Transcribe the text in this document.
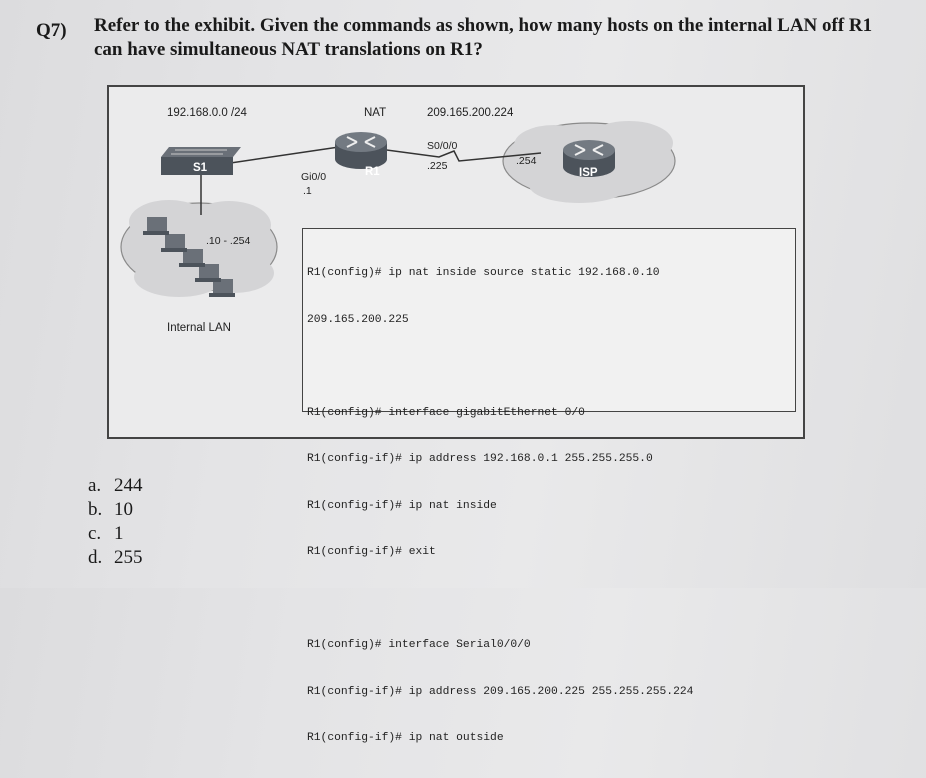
Q7) Refer to the exhibit. Given the commands as shown, how many hosts on the internal LAN off R1 can have simultaneous NAT translations on R1?
192.168.0.0 /24	NAT	209.165.200.224
S1	R1	ISP
Gi0/0
.1
S0/0/0
.225	.254
.10 - .254
Internal LAN

R1(config)# ip nat inside source static 192.168.0.10

209.165.200.225

R1(config)# interface gigabitEthernet 0/0

R1(config-if)# ip address 192.168.0.1 255.255.255.0

R1(config-if)# ip nat inside

R1(config-if)# exit

R1(config)# interface Serial0/0/0

R1(config-if)# ip address 209.165.200.225 255.255.255.224

R1(config-if)# ip nat outside

a. 244
b. 10
c. 1
d. 255
